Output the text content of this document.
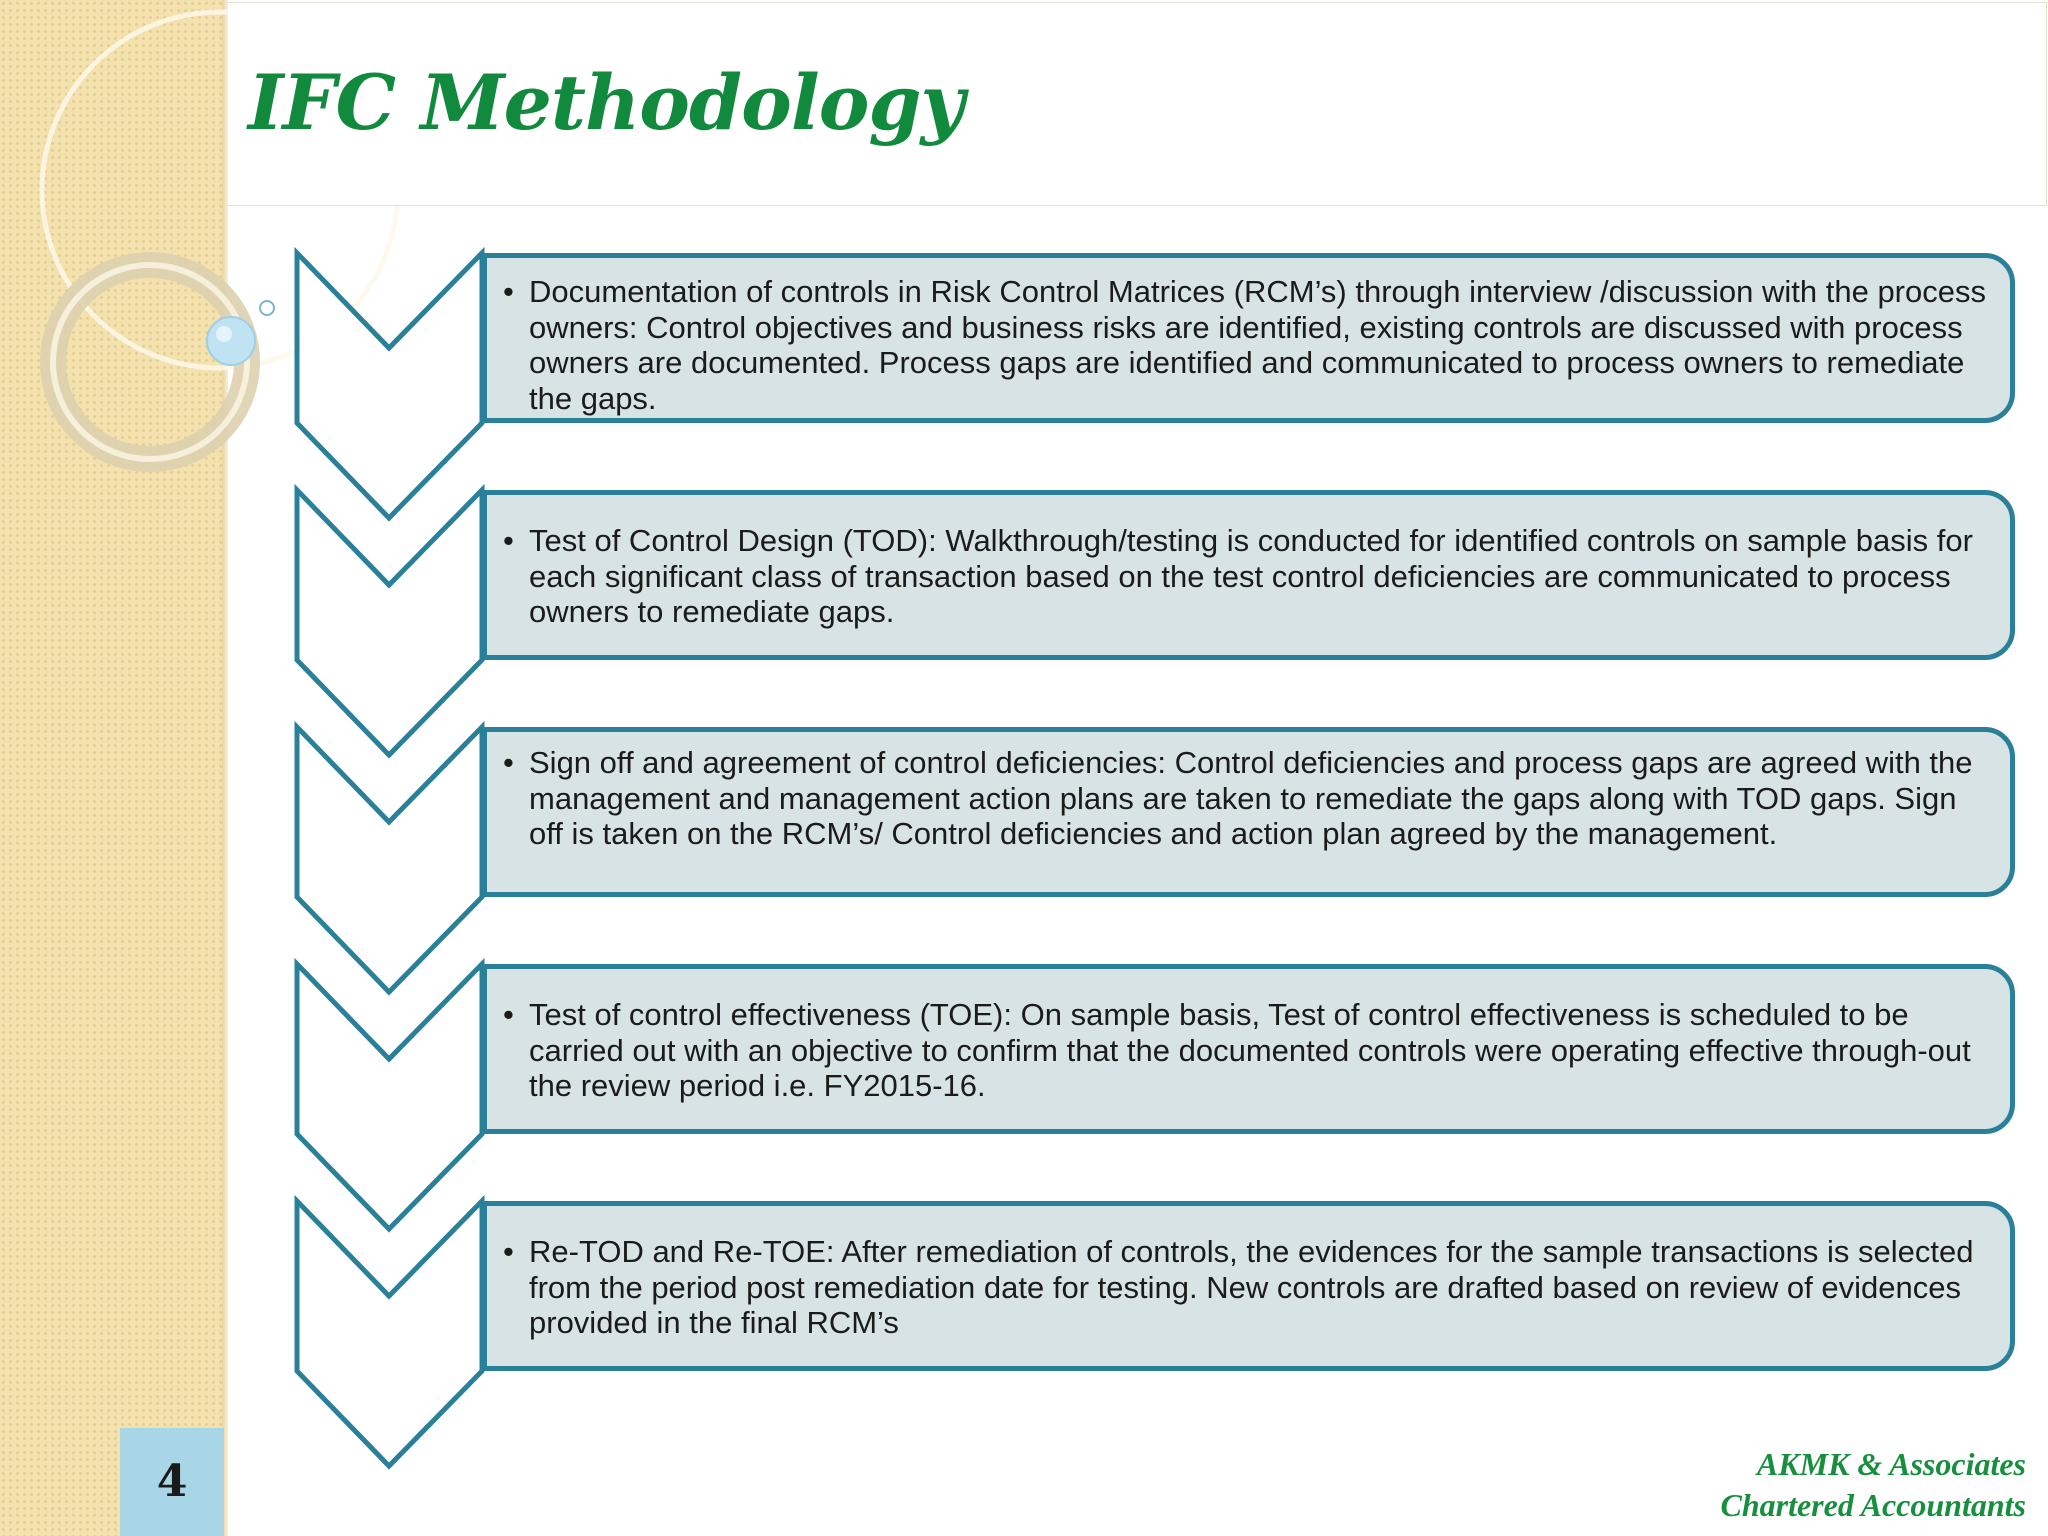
IFC Methodology
• Documentation of controls in Risk Control Matrices (RCM’s) through interview /discussion with the process owners: Control objectives and business risks are identified, existing controls are discussed with process owners are documented. Process gaps are identified and communicated to process owners to remediate the gaps.
• Test of Control Design (TOD): Walkthrough/testing is conducted for identified controls on sample basis for each significant class of transaction based on the test control deficiencies are communicated to process owners to remediate gaps.
• Sign off and agreement of control deficiencies: Control deficiencies and process gaps are agreed with the management and management action plans are taken to remediate the gaps along with TOD gaps. Sign off is taken on the RCM’s/ Control deficiencies and action plan agreed by the management.
• Test of control effectiveness (TOE): On sample basis, Test of control effectiveness is scheduled to be carried out with an objective to confirm that the documented controls were operating effective through-out the review period i.e. FY2015-16.
• Re-TOD and Re-TOE: After remediation of controls, the evidences for the sample transactions is selected from the period post remediation date for testing. New controls are drafted based on review of evidences provided in the final RCM’s
4	AKMK & Associates
Chartered Accountants
